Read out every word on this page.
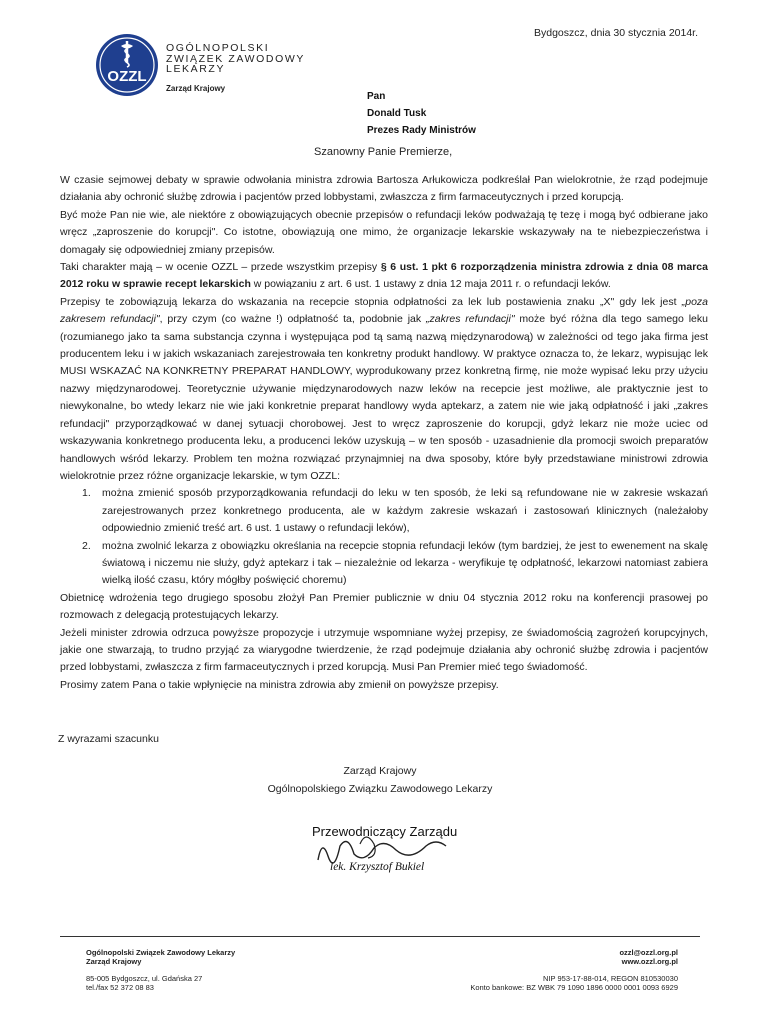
OZZL
OGÓLNOPOLSKI
ZWIĄZEK ZAWODOWY
LEKARZY
Zarząd Krajowy
Bydgoszcz, dnia 30 stycznia 2014r.
Pan
Donald Tusk
Prezes Rady Ministrów
Szanowny Panie Premierze,

W czasie sejmowej debaty w sprawie odwołania ministra zdrowia Bartosza Arłukowicza podkreślał Pan wielokrotnie, że rząd podejmuje działania aby ochronić służbę zdrowia i pacjentów przed lobbystami, zwłaszcza z firm farmaceutycznych i przed korupcją.

Być może Pan nie wie, ale niektóre z obowiązujących obecnie przepisów o refundacji leków podważają tę tezę i mogą być odbierane jako wręcz „zaproszenie do korupcji". Co istotne, obowiązują one mimo, że organizacje lekarskie wskazywały na te niebezpieczeństwa i domagały się odpowiedniej zmiany przepisów.

Taki charakter mają – w ocenie OZZL – przede wszystkim przepisy § 6 ust. 1 pkt 6 rozporządzenia ministra zdrowia z dnia 08 marca 2012 roku w sprawie recept lekarskich w powiązaniu z art. 6 ust. 1 ustawy z dnia 12 maja 2011 r. o refundacji leków.

Przepisy te zobowiązują lekarza do wskazania na recepcie stopnia odpłatności za lek lub postawienia znaku „X" gdy lek jest „poza zakresem refundacji", przy czym (co ważne !) odpłatność ta, podobnie jak „zakres refundacji" może być różna dla tego samego leku (rozumianego jako ta sama substancja czynna i występująca pod tą samą nazwą międzynarodową) w zależności od tego jaka firma jest producentem leku i w jakich wskazaniach zarejestrowała ten konkretny produkt handlowy. W praktyce oznacza to, że lekarz, wypisując lek MUSI WSKAZAĆ NA KONKRETNY PREPARAT HANDLOWY, wyprodukowany przez konkretną firmę, nie może wypisać leku przy użyciu nazwy międzynarodowej. Teoretycznie używanie międzynarodowych nazw leków na recepcie jest możliwe, ale praktycznie jest to niewykonalne, bo wtedy lekarz nie wie jaki konkretnie preparat handlowy wyda aptekarz, a zatem nie wie jaką odpłatność i jaki „zakres refundacji" przyporządkować w danej sytuacji chorobowej. Jest to wręcz zaproszenie do korupcji, gdyż lekarz nie może uciec od wskazywania konkretnego producenta leku, a producenci leków uzyskują – w ten sposób - uzasadnienie dla promocji swoich preparatów handlowych wśród lekarzy. Problem ten można rozwiązać przynajmniej na dwa sposoby, które były przedstawiane ministrowi zdrowia wielokrotnie przez różne organizacje lekarskie, w tym OZZL:

1. można zmienić sposób przyporządkowania refundacji do leku w ten sposób, że leki są refundowane nie w zakresie wskazań zarejestrowanych przez konkretnego producenta, ale w każdym zakresie wskazań i zastosowań klinicznych (należałoby odpowiednio zmienić treść art. 6 ust. 1 ustawy o refundacji leków),
2. można zwolnić lekarza z obowiązku określania na recepcie stopnia refundacji leków (tym bardziej, że jest to ewenement na skalę światową i niczemu nie służy, gdyż aptekarz i tak – niezależnie od lekarza - weryfikuje tę odpłatność, lekarzowi natomiast zabiera wielką ilość czasu, który mógłby poświęcić choremu)

Obietnicę wdrożenia tego drugiego sposobu złożył Pan Premier publicznie w dniu 04 stycznia 2012 roku na konferencji prasowej po rozmowach z delegacją protestujących lekarzy.

Jeżeli minister zdrowia odrzuca powyższe propozycje i utrzymuje wspomniane wyżej przepisy, ze świadomością zagrożeń korupcyjnych, jakie one stwarzają, to trudno przyjąć za wiarygodne twierdzenie, że rząd podejmuje działania aby ochronić służbę zdrowia i pacjentów przed lobbystami, zwłaszcza z firm farmaceutycznych i przed korupcją. Musi Pan Premier mieć tego świadomość.

Prosimy zatem Pana o takie wpłynięcie na ministra zdrowia aby zmienił on powyższe przepisy.

Z wyrazami szacunku
Zarząd Krajowy
Ogólnopolskiego Związku Zawodowego Lekarzy
Przewodniczący Zarządu
lek. Krzysztof Bukiel
Ogólnopolski Związek Zawodowy Lekarzy
Zarząd Krajowy
85-005 Bydgoszcz, ul. Gdańska 27
tel./fax 52 372 08 83
ozzl@ozzl.org.pl
www.ozzl.org.pl
NIP 953-17-88-014, REGON 810530030
Konto bankowe: BZ WBK 79 1090 1896 0000 0001 0093 6929
